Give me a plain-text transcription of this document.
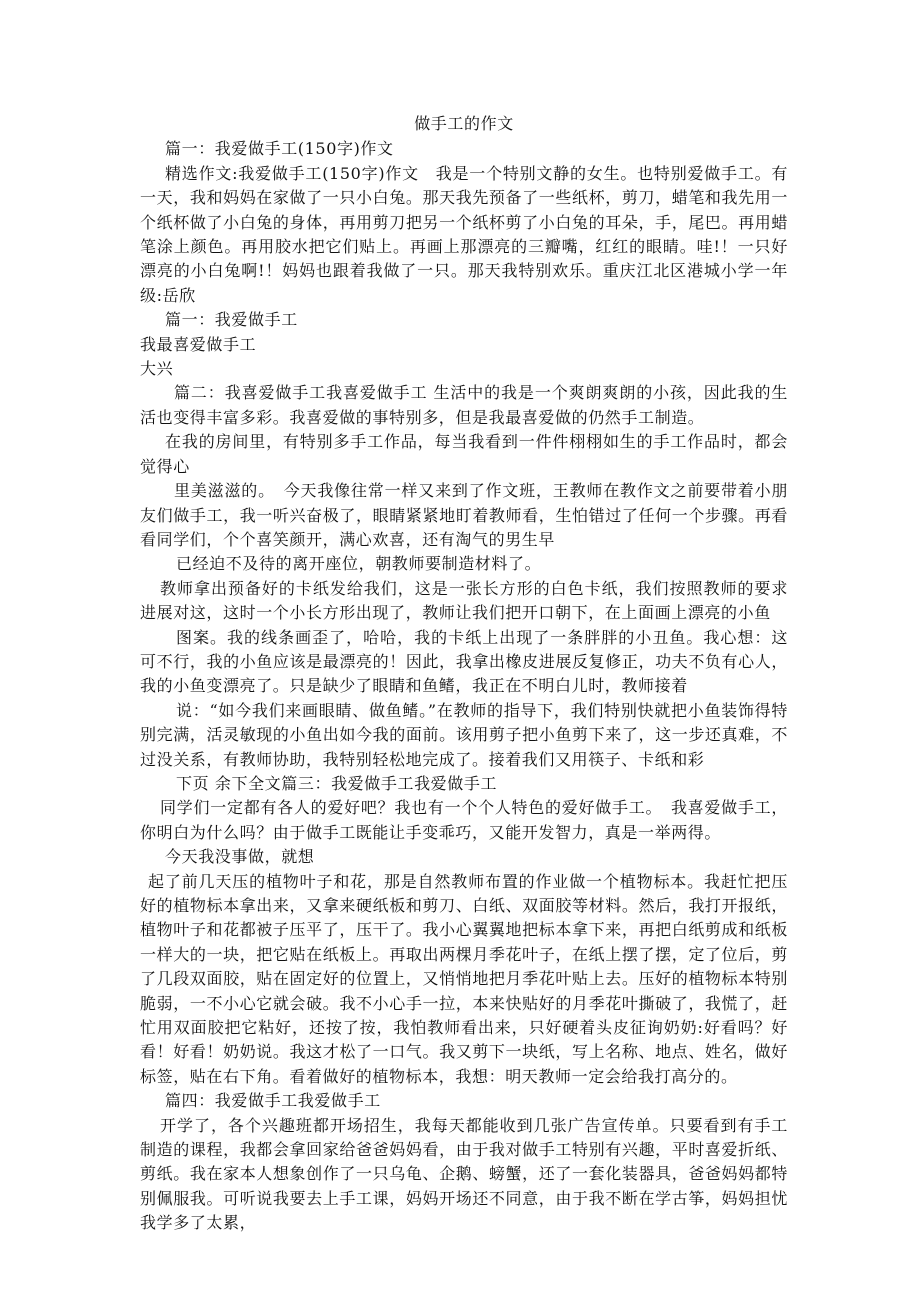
做手工的作文

篇一：我爱做手工(150字)作文

精选作文:我爱做手工(150字)作文　我是一个特别文静的女生。也特别爱做手工。有一天，我和妈妈在家做了一只小白兔。那天我先预备了一些纸杯，剪刀，蜡笔和我先用一个纸杯做了小白兔的身体，再用剪刀把另一个纸杯剪了小白兔的耳朵，手，尾巴。再用蜡笔涂上颜色。再用胶水把它们贴上。再画上那漂亮的三瓣嘴，红红的眼睛。哇!！一只好漂亮的小白兔啊!！妈妈也跟着我做了一只。那天我特别欢乐。重庆江北区港城小学一年级:岳欣

篇一：我爱做手工

我最喜爱做手工

大兴

篇二：我喜爱做手工我喜爱做手工 生活中的我是一个爽朗爽朗的小孩，因此我的生活也变得丰富多彩。我喜爱做的事特别多，但是我最喜爱做的仍然手工制造。

在我的房间里，有特别多手工作品，每当我看到一件件栩栩如生的手工作品时，都会觉得心

里美滋滋的。　今天我像往常一样又来到了作文班，王教师在教作文之前要带着小朋友们做手工，我一听兴奋极了，眼睛紧紧地盯着教师看，生怕错过了任何一个步骤。再看看同学们，个个喜笑颜开，满心欢喜，还有淘气的男生早

已经迫不及待的离开座位，朝教师要制造材料了。

教师拿出预备好的卡纸发给我们，这是一张长方形的白色卡纸，我们按照教师的要求进展对这，这时一个小长方形出现了，教师让我们把开口朝下，在上面画上漂亮的小鱼

图案。我的线条画歪了，哈哈，我的卡纸上出现了一条胖胖的小丑鱼。我心想：这可不行，我的小鱼应该是最漂亮的！因此，我拿出橡皮进展反复修正，功夫不负有心人，我的小鱼变漂亮了。只是缺少了眼睛和鱼鳍，我正在不明白儿时，教师接着

说：“如今我们来画眼睛、做鱼鳍。”在教师的指导下，我们特别快就把小鱼装饰得特别完满，活灵敏现的小鱼出如今我的面前。该用剪子把小鱼剪下来了，这一步还真难，不过没关系，有教师协助，我特别轻松地完成了。接着我们又用筷子、卡纸和彩

下页 余下全文篇三：我爱做手工我爱做手工

同学们一定都有各人的爱好吧？我也有一个个人特色的爱好做手工。　我喜爱做手工，你明白为什么吗？由于做手工既能让手变乖巧，又能开发智力，真是一举两得。

今天我没事做，就想

起了前几天压的植物叶子和花，那是自然教师布置的作业做一个植物标本。我赶忙把压好的植物标本拿出来，又拿来硬纸板和剪刀、白纸、双面胶等材料。然后，我打开报纸，植物叶子和花都被子压平了，压干了。我小心翼翼地把标本拿下来，再把白纸剪成和纸板一样大的一块，把它贴在纸板上。再取出两棵月季花叶子，在纸上摆了摆，定了位后，剪了几段双面胶，贴在固定好的位置上，又悄悄地把月季花叶贴上去。压好的植物标本特别脆弱，一不小心它就会破。我不小心手一拉，本来快贴好的月季花叶撕破了，我慌了，赶忙用双面胶把它粘好，还按了按，我怕教师看出来，只好硬着头皮征询奶奶:好看吗？好看！好看！奶奶说。我这才松了一口气。我又剪下一块纸，写上名称、地点、姓名，做好标签，贴在右下角。看着做好的植物标本，我想：明天教师一定会给我打高分的。

篇四：我爱做手工我爱做手工

开学了，各个兴趣班都开场招生，我每天都能收到几张广告宣传单。只要看到有手工制造的课程，我都会拿回家给爸爸妈妈看，由于我对做手工特别有兴趣，平时喜爱折纸、剪纸。我在家本人想象创作了一只乌龟、企鹅、螃蟹，还了一套化装器具，爸爸妈妈都特别佩服我。可听说我要去上手工课，妈妈开场还不同意，由于我不断在学古筝，妈妈担忧我学多了太累，
